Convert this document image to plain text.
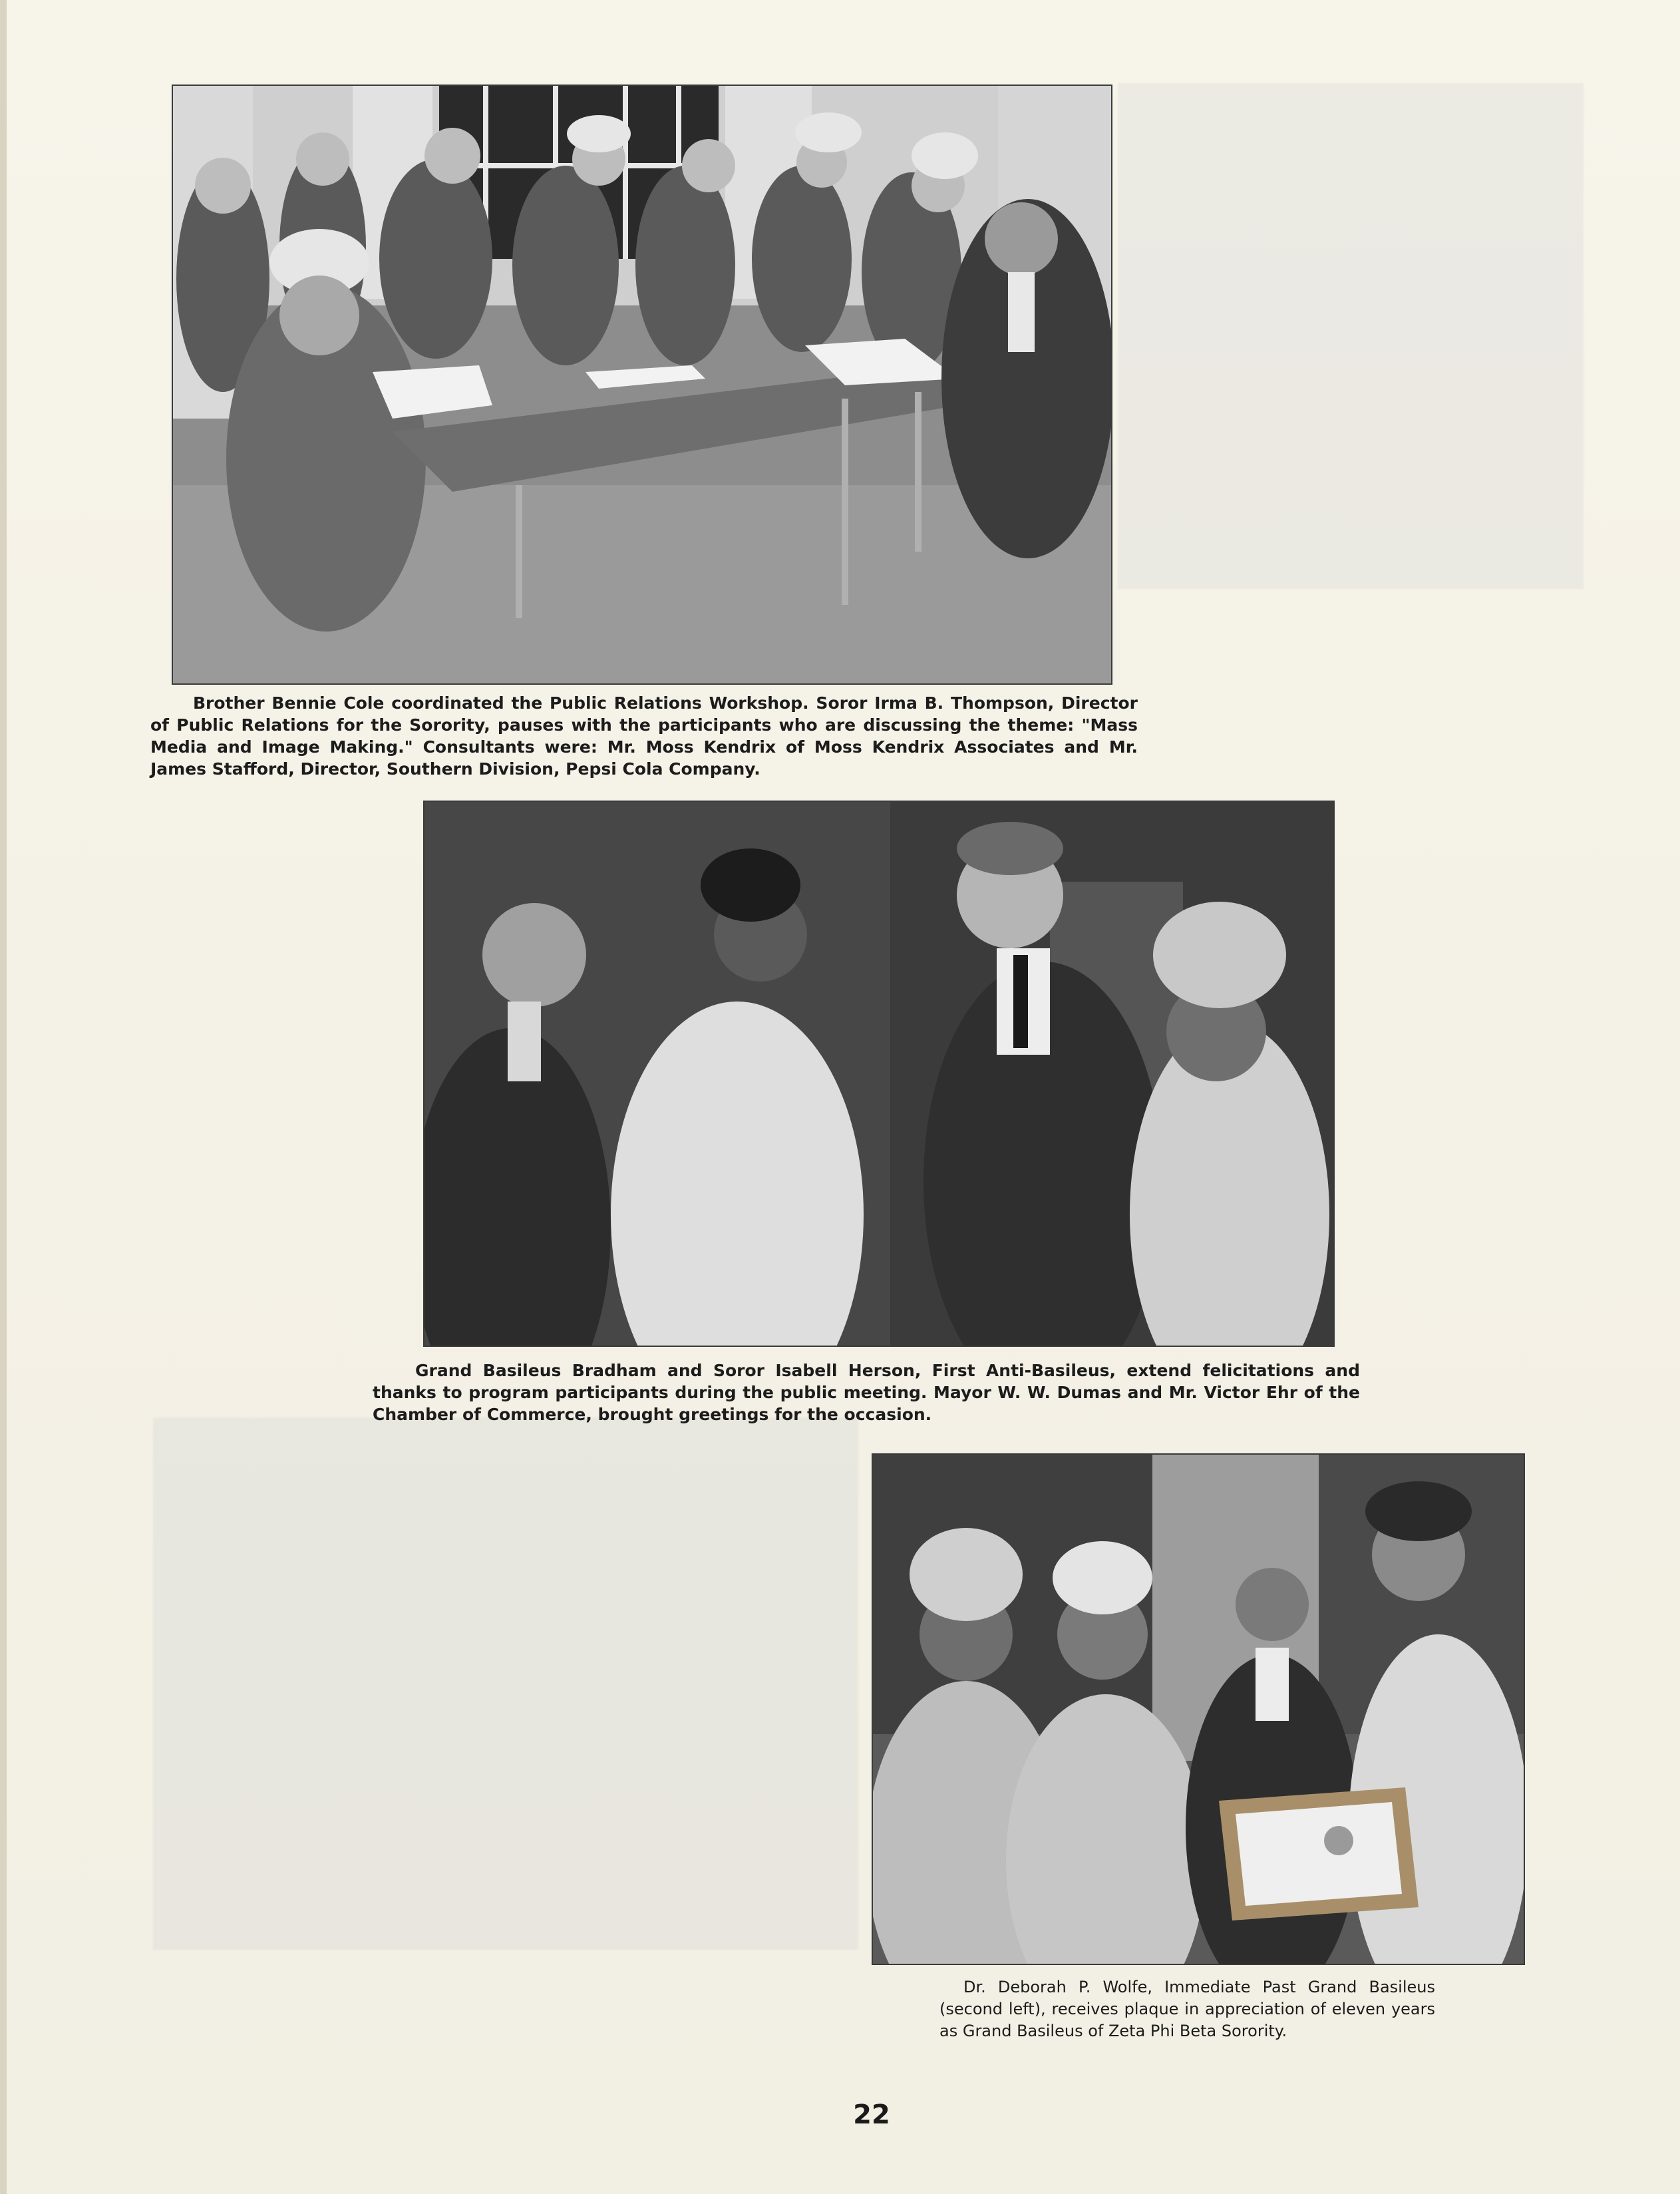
Brother Bennie Cole coordinated the Public Relations Workshop. Soror Irma B. Thompson, Director of Public Relations for the Sorority, pauses with the participants who are discussing the theme: "Mass Media and Image Making." Consultants were: Mr. Moss Kendrix of Moss Kendrix Associates and Mr. James Stafford, Director, Southern Division, Pepsi Cola Company.

Grand Basileus Bradham and Soror Isabell Herson, First Anti-Basileus, extend felicitations and thanks to program participants during the public meeting. Mayor W. W. Dumas and Mr. Victor Ehr of the Chamber of Commerce, brought greetings for the occasion.

Dr. Deborah P. Wolfe, Immediate Past Grand Basileus (second left), receives plaque in appreciation of eleven years as Grand Basileus of Zeta Phi Beta Sorority.

22
